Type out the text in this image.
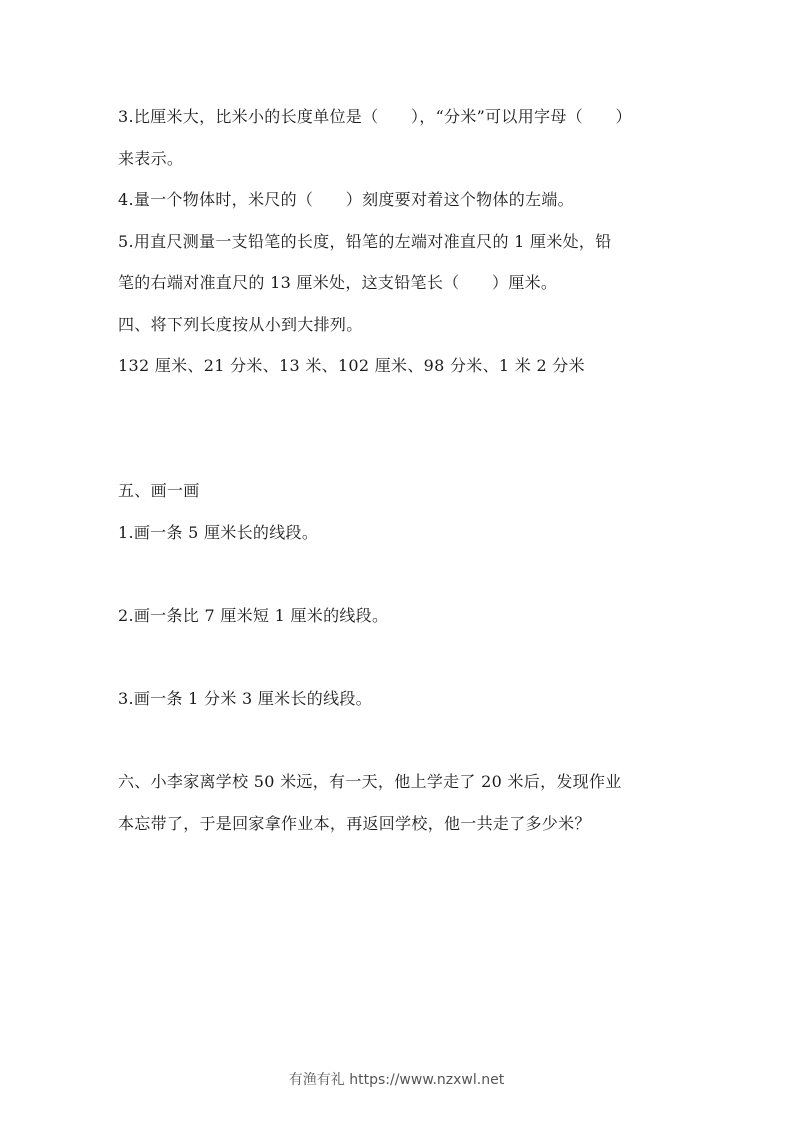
3.比厘米大，比米小的长度单位是（　　），“分米”可以用字母（　　）
来表示。
4.量一个物体时，米尺的（　　）刻度要对着这个物体的左端。
5.用直尺测量一支铅笔的长度，铅笔的左端对准直尺的 1 厘米处，铅
笔的右端对准直尺的 13 厘米处，这支铅笔长（　　）厘米。
四、将下列长度按从小到大排列。
132 厘米、21 分米、13 米、102 厘米、98 分米、1 米 2 分米
五、画一画
1.画一条 5 厘米长的线段。
2.画一条比 7 厘米短 1 厘米的线段。
3.画一条 1 分米 3 厘米长的线段。
六、小李家离学校 50 米远，有一天，他上学走了 20 米后，发现作业
本忘带了，于是回家拿作业本，再返回学校，他一共走了多少米？
有渔有礼 https://www.nzxwl.net
